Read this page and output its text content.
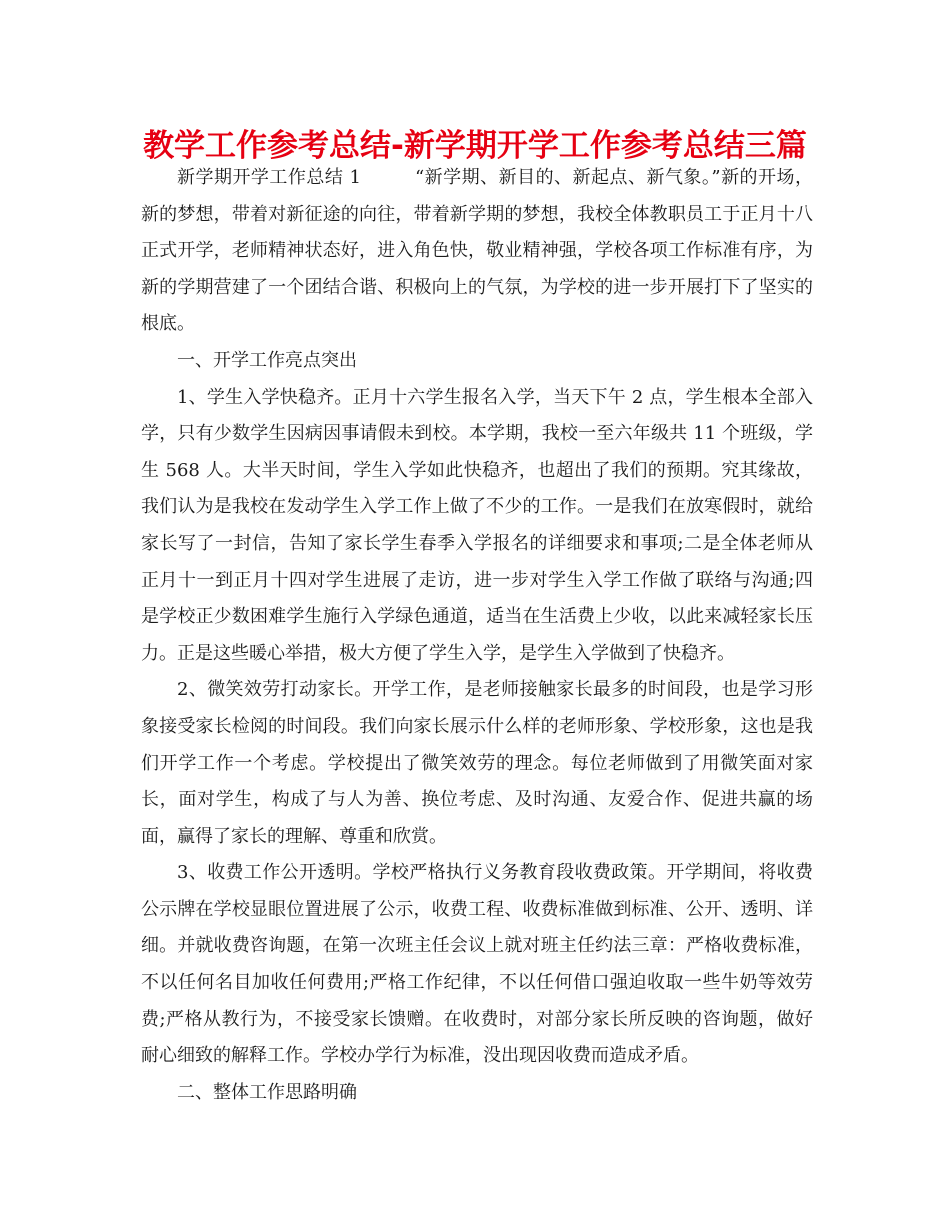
教学工作参考总结-新学期开学工作参考总结三篇

新学期开学工作总结 1	“新学期、新目的、新起点、新气象。”新的开场，新的梦想，带着对新征途的向往，带着新学期的梦想，我校全体教职员工于正月十八正式开学，老师精神状态好，进入角色快，敬业精神强，学校各项工作标准有序，为新的学期营建了一个团结合谐、积极向上的气氛，为学校的进一步开展打下了坚实的根底。

一、开学工作亮点突出

1、学生入学快稳齐。正月十六学生报名入学，当天下午 2 点，学生根本全部入学，只有少数学生因病因事请假未到校。本学期，我校一至六年级共 11 个班级，学生 568 人。大半天时间，学生入学如此快稳齐，也超出了我们的预期。究其缘故，我们认为是我校在发动学生入学工作上做了不少的工作。一是我们在放寒假时，就给家长写了一封信，告知了家长学生春季入学报名的详细要求和事项;二是全体老师从正月十一到正月十四对学生进展了走访，进一步对学生入学工作做了联络与沟通;四是学校正少数困难学生施行入学绿色通道，适当在生活费上少收，以此来减轻家长压力。正是这些暖心举措，极大方便了学生入学，是学生入学做到了快稳齐。

2、微笑效劳打动家长。开学工作，是老师接触家长最多的时间段，也是学习形象接受家长检阅的时间段。我们向家长展示什么样的老师形象、学校形象，这也是我们开学工作一个考虑。学校提出了微笑效劳的理念。每位老师做到了用微笑面对家长，面对学生，构成了与人为善、换位考虑、及时沟通、友爱合作、促进共赢的场面，赢得了家长的理解、尊重和欣赏。

3、收费工作公开透明。学校严格执行义务教育段收费政策。开学期间，将收费公示牌在学校显眼位置进展了公示，收费工程、收费标准做到标准、公开、透明、详细。并就收费咨询题，在第一次班主任会议上就对班主任约法三章：严格收费标准，不以任何名目加收任何费用;严格工作纪律，不以任何借口强迫收取一些牛奶等效劳费;严格从教行为，不接受家长馈赠。在收费时，对部分家长所反映的咨询题，做好耐心细致的解释工作。学校办学行为标准，没出现因收费而造成矛盾。

二、整体工作思路明确
